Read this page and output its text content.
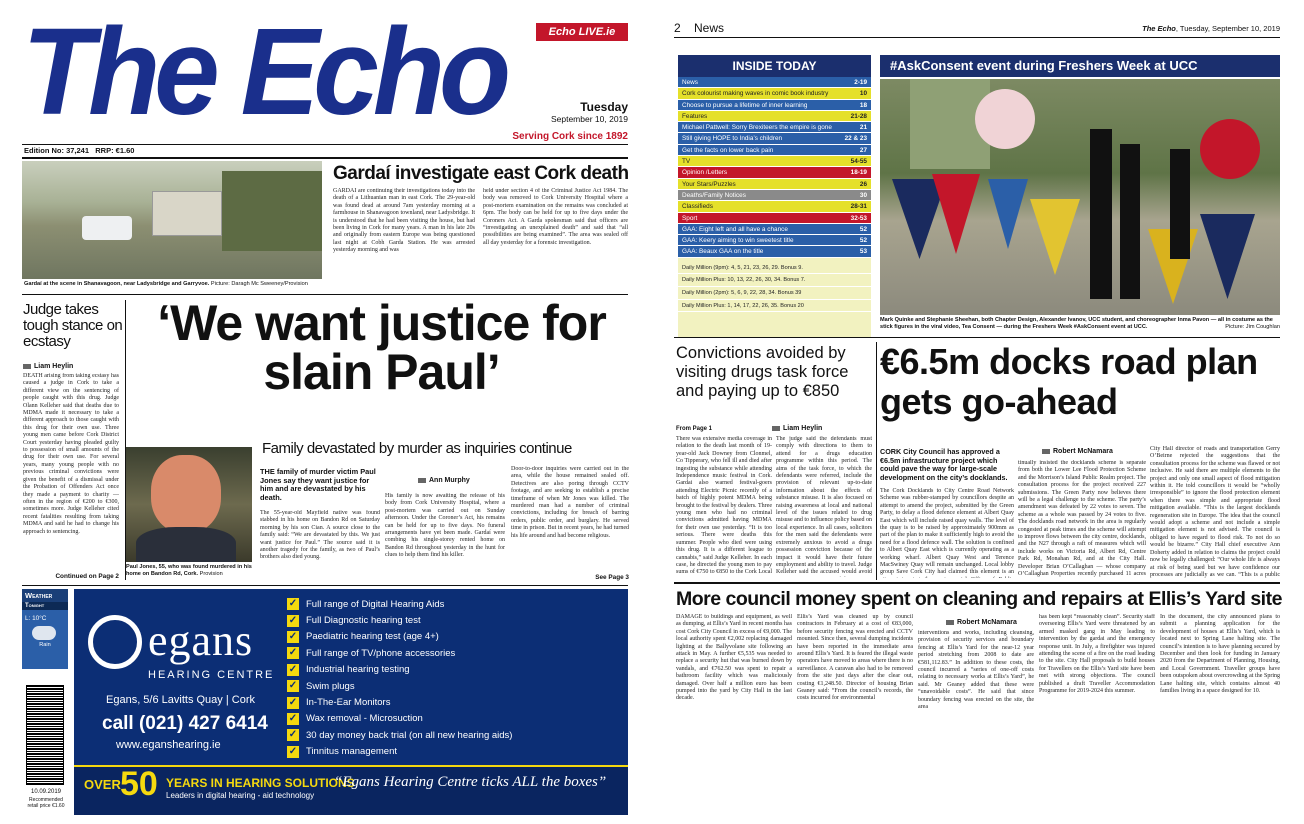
The Echo	Echo LIVE.ie
Tuesday
September 10, 2019
Serving Cork since 1892
Edition No: 37,241   RRP: €1.60
Gardaí at the scene in Shanavagoon, near Ladysbridge and Garryvoe. Picture: Daragh Mc Sweeney/Provision
Gardaí investigate east Cork death
GARDAÍ are continuing their investigations today into the death of a Lithuanian man in east Cork. The 29-year-old was found dead at around 7am yesterday morning at a farmhouse in Shanavagoon townland, near Ladysbridge. It is understood that he had been visiting the house, but had been living in Cork for many years. A man in his late 20s and originally from eastern Europe was being questioned last night at Cobh Garda Station. He was arrested yesterday morning and was
held under section 4 of the Criminal Justice Act 1984. The body was removed to Cork University Hospital where a post-mortem examination on the remains was concluded at 6pm. The body can be held for up to five days under the Coroners Act. A Garda spokesman said that officers are “investigating an unexplained death” and said that “all possibilities are being examined”. The area was sealed off all day yesterday for a forensic investigation.
Judge takes tough stance on ecstasy
Liam Heylin
DEATH arising from taking ecstasy has caused a judge in Cork to take a different view on the sentencing of people caught with this drug. Judge Olann Kelleher said that deaths due to MDMA made it necessary to take a different approach to those caught with this drug for their own use. Three young men came before Cork District Court yesterday having pleaded guilty to possession of small amounts of the drug for their own use. For several years, many young people with no previous criminal convictions were given the benefit of a dismissal under the Probation of Offenders Act once they made a payment to charity — often in the region of €200 to €300, sometimes more. Judge Kelleher cited recent fatalities resulting from taking MDMA and said he had to change his approach to sentencing.
Continued on Page 2
‘We want justice for slain Paul’
Family devastated by murder as inquiries continue
Paul Jones, 55, who was found murdered in his home on Bandon Rd, Cork. Provision
THE family of murder victim Paul Jones say they want justice for him and are devastated by his death.
Ann Murphy
The 55-year-old Mayfield native was found stabbed in his home on Bandon Rd on Saturday morning by his son Cian. A source close to the family said: “We are devastated by this. We just want justice for Paul.” The source said it is another tragedy for the family, as two of Paul’s brothers also died young.
His family is now awaiting the release of his body from Cork University Hospital, where a post-mortem was carried out on Sunday afternoon. Under the Coroner’s Act, his remains can be held for up to five days. No funeral arrangements have yet been made. Gardaí were combing his single-storey rented home on Bandon Rd throughout yesterday in the hunt for clues to help them find his killer.
Door-to-door inquiries were carried out in the area, while the house remained sealed off. Detectives are also poring through CCTV footage, and are seeking to establish a precise timeframe of when Mr Jones was killed. The murdered man had a number of criminal convictions, including for breach of barring orders, public order, and burglary. He served time in prison. But in recent years, he had turned his life around and had become religious.
See Page 3
Weather
Tonight
L: 10°C
Rain
10.09.2019
Recommended retail price €1.60
egans
HEARING CENTRE
Egans, 5/6 Lavitts Quay | Cork
call (021) 427 6414
www.eganshearing.ie
✓ Full range of Digital Hearing Aids
✓ Full Diagnostic hearing test
✓ Paediatric hearing test (age 4+)
✓ Full range of TV/phone accessories
✓ Industrial hearing testing
✓ Swim plugs
✓ In-The-Ear Monitors
✓ Wax removal - Microsuction
✓ 30 day money back trial (on all new hearing aids)
✓ Tinnitus management
OVER 50 YEARS IN HEARING SOLUTIONS
Leaders in digital hearing - aid technology
“Egans Hearing Centre ticks ALL the boxes”
2 News	The Echo, Tuesday, September 10, 2019
INSIDE TODAY
News	2-19
Cork colourist making waves in comic book industry	10
Choose to pursue a lifetime of inner learning	18
Features	21-28
Michael Pattwell: Sorry Brexiteers the empire is gone	21
Still giving HOPE to India’s children	22 & 23
Get the facts on lower back pain	27
TV	54-55
Opinion /Letters	18-19
Your Stars/Puzzles	26
Deaths/Family Notices	30
Classifieds	28-31
Sport	32-53
GAA: Eight left and all have a chance	52
GAA: Keery aiming to win sweetest title	52
GAA: Beaux GAA on the title	53
Daily Million (9pm): 4, 5, 21, 23, 26, 29. Bonus 9.
Daily Million Plus: 10, 13, 22, 26, 30, 34. Bonus 7.
Daily Million (2pm): 5, 6, 9, 22, 28, 34. Bonus 39
Daily Million Plus: 1, 14, 17, 22, 26, 35. Bonus 20
#AskConsent event during Freshers Week at UCC
Mark Quinke and Stephanie Sheehan, both Chapter Design, Alexander Ivanov, UCC student, and choreographer Inma Pavon — all in costume as the stick figures in the viral video, Tea Consent — during the Freshers Week #AskConsent event at UCC.	Picture: Jim Coughlan
Convictions avoided by visiting drugs task force and paying up to €850
From Page 1	Liam Heylin
There was extensive media coverage in relation to the death last month of 19-year-old Jack Downey from Clonmel, Co Tipperary, who fell ill and died after ingesting the substance while attending Independence music festival in Cork. Gardai also warned festival-goers attending Electric Picnic recently of a batch of highly potent MDMA being brought to the festival by dealers. Three young men who had no criminal convictions admitted having MDMA for their own use yesterday. “It is too serious. There were deaths this summer. People who died were using this drug. It is a different league to cannabis,” said Judge Kelleher. In each case, he directed the young men to pay sums of €750 to €850 to the Cork Local
The judge said the defendants must comply with directions to them to attend for a drugs education programme within this period. The aims of the task force, to which the defendants were referred, include the provision of relevant up-to-date information about the effects of substance misuse. It is also focused on raising awareness at local and national level of the issues related to drug misuse and to influence policy based on local experience. In all cases, solicitors for the men said the defendants were extremely anxious to avoid a drugs possession conviction because of the impact it would have their future employment and ability to travel. Judge Kelleher said the accused would avoid
€6.5m docks road plan gets go-ahead
CORK City Council has approved a €6.5m infrastructure project which could pave the way for large-scale development on the city’s docklands.
Robert McNamara
The Cork Docklands to City Centre Road Network Scheme was rubber-stamped by councillors despite an attempt to amend the project, submitted by the Green Party, to delay a flood defence element at Albert Quay East which will include raised quay walls. The level of the quay is to be raised by approximately 900mm as part of the plan to make it sufficiently high to avoid the need for a flood defence wall. The solution is confined to Albert Quay East which is currently operating as a working wharf. Albert Quay West and Terence MacSwiney Quay will remain unchanged. Local lobby group Save Cork City had claimed this element is an
tinually insisted the docklands scheme is separate from both the Lower Lee Flood Protection Scheme and the Morrison’s Island Public Realm project. The consultation process for the project received 227 submissions. The Green Party now believes there will be a legal challenge to the scheme. The party’s amendment was defeated by 22 votes to seven. The scheme as a whole was passed by 24 votes to five. The docklands road network in the area is regularly congested at peak times and the scheme will attempt to improve flows between the city centre, docklands, and the N27 through a raft of measures which will include works on Victoria Rd, Albert Rd, Centre Park Rd, Monahan Rd, and at the City Hall. Developer Brian O’Callaghan — whose company O’Callaghan Properties recently purchased 11 acres
City Hall director of roads and transportation Gerry O’Beirne rejected the suggestions that the consultation process for the scheme was flawed or not inclusive. He said there are multiple elements to the project and only one small aspect of flood mitigation within it. He told councillors it would be “wholly irresponsible” to ignore the flood protection element when there was simple and appropriate flood mitigation available. “This is the largest docklands regeneration site in Europe. The idea that the council would adopt a scheme and not include a simple mitigation element is not advised. The council is obliged to have regard to flood risk. To not do so would be bizarre.” City Hall chief executive Ann Doherty added in relation to claims the project could now be legally challenged: “Our whole life is always at risk of being sued but we have confidence our processes are judicially as we can. “This is a public
More council money spent on cleaning and repairs at Ellis’s Yard site
Robert McNamara
DAMAGE to buildings and equipment, as well as dumping, at Ellis’s Yard in recent months has cost Cork City Council in excess of €9,000. The local authority spent €2,002 replacing damaged lighting at the Ballyvolane site following an attack in May. A further €5,535 was needed to replace a security hut that was burned down by vandals, and €762.50 was spent to repair a bathroom facility which was maliciously damaged. Over half a million euro has been pumped into the yard by City Hall in the last decade.
Ellis’s Yard was cleaned up by council contractors in February at a cost of €83,000, before security fencing was erected and CCTV mounted. Since then, several dumping incidents have been reported in the immediate area around Ellis’s Yard. It is feared the illegal waste operators have moved to areas where there is no surveillance. A caravan also had to be removed from the site just days after the clear out, costing €1,248.50. Director of housing Brian Geaney said: “From the council’s records, the costs incurred for environmental
interventions and works, including cleansing, provision of security services and boundary fencing at Ellis’s Yard for the near-12 year period stretching from 2008 to date are €581,112.83.” In addition to these costs, the council incurred a “series of one-off costs relating to necessary works at Ellis’s Yard”, he said. Mr Geaney added that these were “unavoidable costs”. He said that since boundary fencing was erected on the site, the area
has been kept “reasonably clean”. Security staff overseeing Ellis’s Yard were threatened by an armed masked gang in May leading to intervention by the gardai and the emergency response unit. In July, a firefighter was injured attending the scene of a fire on the road leading to the site. City Hall proposals to build houses for Travellers on the Ellis’s Yard site have been met with strong objections. The council published a draft Traveller Accommodation Programme for 2019-2024 this summer.
In the document, the city announced plans to submit a planning application for the development of houses at Ellis’s Yard, which is located next to Spring Lane halting site. The council’s intention is to have planning secured by December and then look for funding in January 2020 from the Department of Planning, Housing, and Local Government. Traveller groups have been outspoken about overcrowding at the Spring Lane halting site, which contains almost 40 families living in a space designed for 10.
